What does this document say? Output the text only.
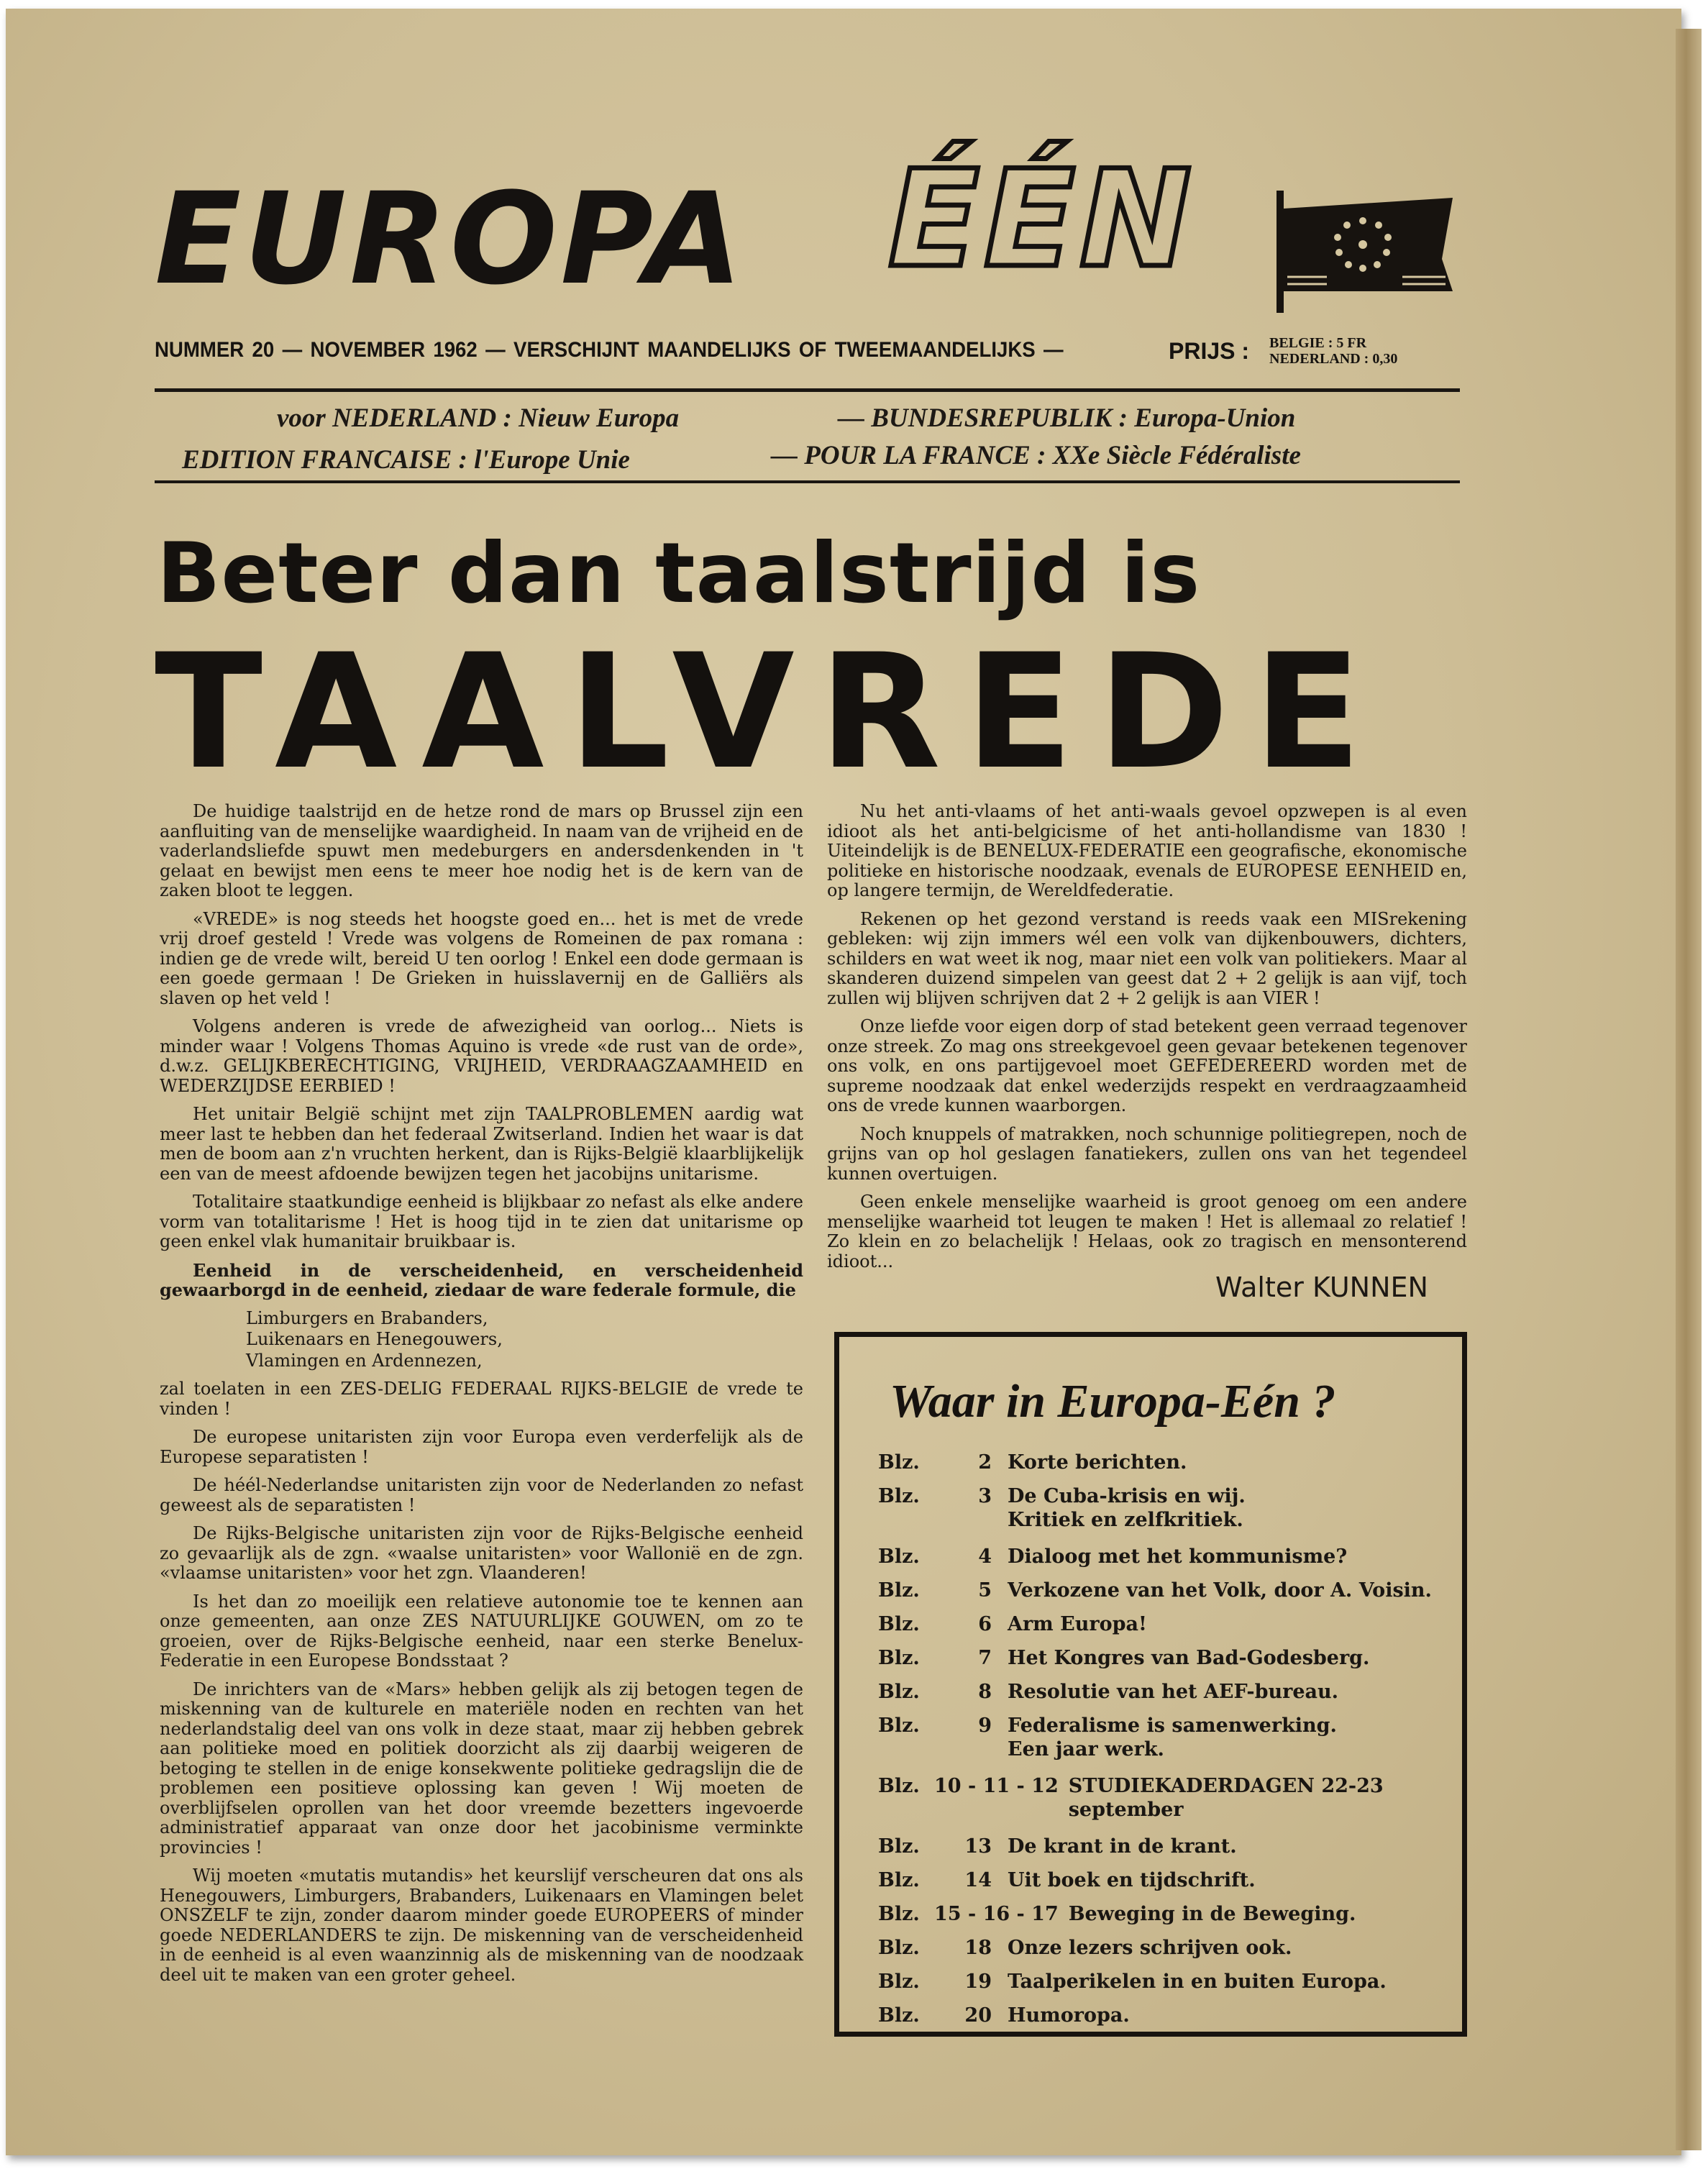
EUROPA ÉÉN
NUMMER 20 — NOVEMBER 1962 — VERSCHIJNT MAANDELIJKS OF TWEEMAANDELIJKS —	PRIJS : BELGIE : 5 FR
NEDERLAND : 0,30
voor NEDERLAND : Nieuw Europa	— BUNDESREPUBLIK : Europa-Union
EDITION FRANCAISE : l'Europe Unie	— POUR LA FRANCE : XXe Siècle Fédéraliste
Beter dan taalstrijd is
TAALVREDE

De huidige taalstrijd en de hetze rond de mars op Brussel zijn een aanfluiting van de menselijke waardigheid. In naam van de vrijheid en de vaderlandsliefde spuwt men medeburgers en andersdenkenden in 't gelaat en bewijst men eens te meer hoe nodig het is de kern van de zaken bloot te leggen.

«VREDE» is nog steeds het hoogste goed en... het is met de vrede vrij droef gesteld ! Vrede was volgens de Romeinen de pax romana : indien ge de vrede wilt, bereid U ten oorlog ! Enkel een dode germaan is een goede germaan ! De Grieken in huisslavernij en de Galliërs als slaven op het veld !

Volgens anderen is vrede de afwezigheid van oorlog... Niets is minder waar ! Volgens Thomas Aquino is vrede «de rust van de orde», d.w.z. GELIJKBERECHTIGING, VRIJHEID, VERDRAAGZAAMHEID en WEDERZIJDSE EERBIED !

Het unitair België schijnt met zijn TAALPROBLEMEN aardig wat meer last te hebben dan het federaal Zwitserland. Indien het waar is dat men de boom aan z'n vruchten herkent, dan is Rijks-België klaarblijkelijk een van de meest afdoende bewijzen tegen het jacobijns unitarisme.

Totalitaire staatkundige eenheid is blijkbaar zo nefast als elke andere vorm van totalitarisme ! Het is hoog tijd in te zien dat unitarisme op geen enkel vlak humanitair bruikbaar is.

Eenheid in de verscheidenheid, en verscheidenheid gewaarborgd in de eenheid, ziedaar de ware federale formule, die

Limburgers en Brabanders,
Luikenaars en Henegouwers,
Vlamingen en Ardennezen,

zal toelaten in een ZES-DELIG FEDERAAL RIJKS-BELGIE de vrede te vinden !

De europese unitaristen zijn voor Europa even verderfelijk als de Europese separatisten !

De héél-Nederlandse unitaristen zijn voor de Nederlanden zo nefast geweest als de separatisten !

De Rijks-Belgische unitaristen zijn voor de Rijks-Belgische eenheid zo gevaarlijk als de zgn. «waalse unitaristen» voor Wallonië en de zgn. «vlaamse unitaristen» voor het zgn. Vlaanderen!

Is het dan zo moeilijk een relatieve autonomie toe te kennen aan onze gemeenten, aan onze ZES NATUURLIJKE GOUWEN, om zo te groeien, over de Rijks-Belgische eenheid, naar een sterke Benelux-Federatie in een Europese Bondsstaat ?

De inrichters van de «Mars» hebben gelijk als zij betogen tegen de miskenning van de kulturele en materiële noden en rechten van het nederlandstalig deel van ons volk in deze staat, maar zij hebben gebrek aan politieke moed en politiek doorzicht als zij daarbij weigeren de betoging te stellen in de enige konsekwente politieke gedragslijn die de problemen een positieve oplossing kan geven ! Wij moeten de overblijfselen oprollen van het door vreemde bezetters ingevoerde administratief apparaat van onze door het jacobinisme verminkte provincies !

Wij moeten «mutatis mutandis» het keurslijf verscheuren dat ons als Henegouwers, Limburgers, Brabanders, Luikenaars en Vlamingen belet ONSZELF te zijn, zonder daarom minder goede EUROPEERS of minder goede NEDERLANDERS te zijn. De miskenning van de verscheidenheid in de eenheid is al even waanzinnig als de miskenning van de noodzaak deel uit te maken van een groter geheel.

Nu het anti-vlaams of het anti-waals gevoel opzwepen is al even idioot als het anti-belgicisme of het anti-hollandisme van 1830 ! Uiteindelijk is de BENELUX-FEDERATIE een geografische, ekonomische politieke en historische noodzaak, evenals de EUROPESE EENHEID en, op langere termijn, de Wereldfederatie.

Rekenen op het gezond verstand is reeds vaak een MISrekening gebleken: wij zijn immers wél een volk van dijkenbouwers, dichters, schilders en wat weet ik nog, maar niet een volk van politiekers. Maar al skanderen duizend simpelen van geest dat 2 + 2 gelijk is aan vijf, toch zullen wij blijven schrijven dat 2 + 2 gelijk is aan VIER !

Onze liefde voor eigen dorp of stad betekent geen verraad tegenover onze streek. Zo mag ons streekgevoel geen gevaar betekenen tegenover ons volk, en ons partijgevoel moet GEFEDEREERD worden met de supreme noodzaak dat enkel wederzijds respekt en verdraagzaamheid ons de vrede kunnen waarborgen.

Noch knuppels of matrakken, noch schunnige politiegrepen, noch de grijns van op hol geslagen fanatiekers, zullen ons van het tegendeel kunnen overtuigen.

Geen enkele menselijke waarheid is groot genoeg om een andere menselijke waarheid tot leugen te maken ! Het is allemaal zo relatief ! Zo klein en zo belachelijk ! Helaas, ook zo tragisch en mensonterend idioot...

Walter KUNNEN
Waar in Europa-Eén ?
Blz.	2 Korte berichten.
Blz.	3 De Cuba-krisis en wij. Kritiek en zelfkritiek.
Blz.	4 Dialoog met het kommunisme?
Blz.	5 Verkozene van het Volk, door A. Voisin.
Blz.	6 Arm Europa!
Blz.	7 Het Kongres van Bad-Godesberg.
Blz.	8 Resolutie van het AEF-bureau.
Blz.	9 Federalisme is samenwerking. Een jaar werk.
Blz. 10 - 11 - 12 STUDIEKADERDAGEN 22-23 september
Blz.	13 De krant in de krant.
Blz.	14 Uit boek en tijdschrift.
Blz. 15 - 16 - 17 Beweging in de Beweging.
Blz.	18 Onze lezers schrijven ook.
Blz.	19 Taalperikelen in en buiten Europa.
Blz.	20 Humoropa.
